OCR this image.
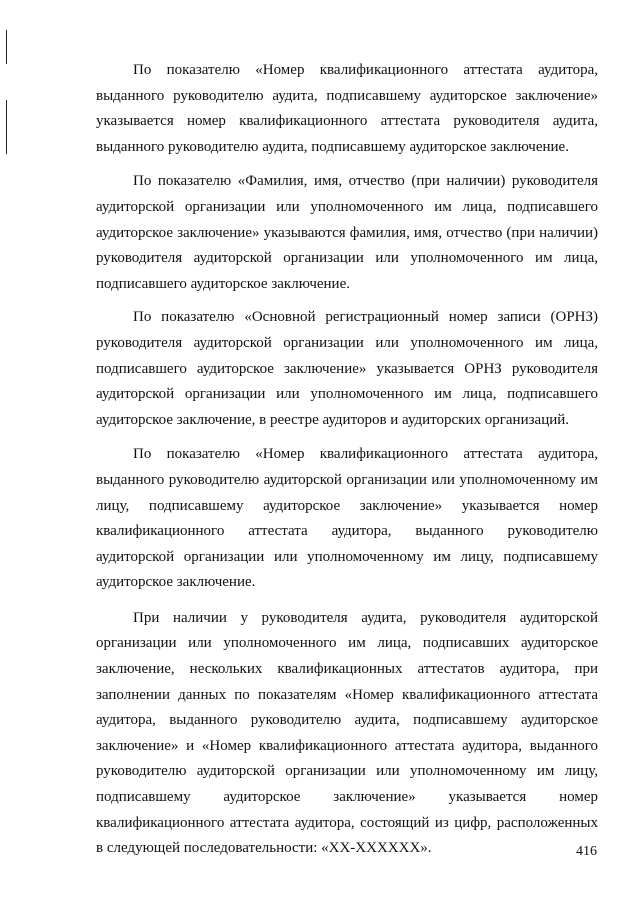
По показателю «Номер квалификационного аттестата аудитора, выданного руководителю аудита, подписавшему аудиторское заключение» указывается номер квалификационного аттестата руководителя аудита, выданного руководителю аудита, подписавшему аудиторское заключение.

По показателю «Фамилия, имя, отчество (при наличии) руководителя аудиторской организации или уполномоченного им лица, подписавшего аудиторское заключение» указываются фамилия, имя, отчество (при наличии) руководителя аудиторской организации или уполномоченного им лица, подписавшего аудиторское заключение.

По показателю «Основной регистрационный номер записи (ОРНЗ) руководителя аудиторской организации или уполномоченного им лица, подписавшего аудиторское заключение» указывается ОРНЗ руководителя аудиторской организации или уполномоченного им лица, подписавшего аудиторское заключение, в реестре аудиторов и аудиторских организаций.

По показателю «Номер квалификационного аттестата аудитора, выданного руководителю аудиторской организации или уполномоченному им лицу, подписавшему аудиторское заключение» указывается номер квалификационного аттестата аудитора, выданного руководителю аудиторской организации или уполномоченному им лицу, подписавшему аудиторское заключение.

При наличии у руководителя аудита, руководителя аудиторской организации или уполномоченного им лица, подписавших аудиторское заключение, нескольких квалификационных аттестатов аудитора, при заполнении данных по показателям «Номер квалификационного аттестата аудитора, выданного руководителю аудита, подписавшему аудиторское заключение» и «Номер квалификационного аттестата аудитора, выданного руководителю аудиторской организации или уполномоченному им лицу, подписавшему аудиторское заключение» указывается номер квалификационного аттестата аудитора, состоящий из цифр, расположенных в следующей последовательности: «XX-XXXXXX».	416
